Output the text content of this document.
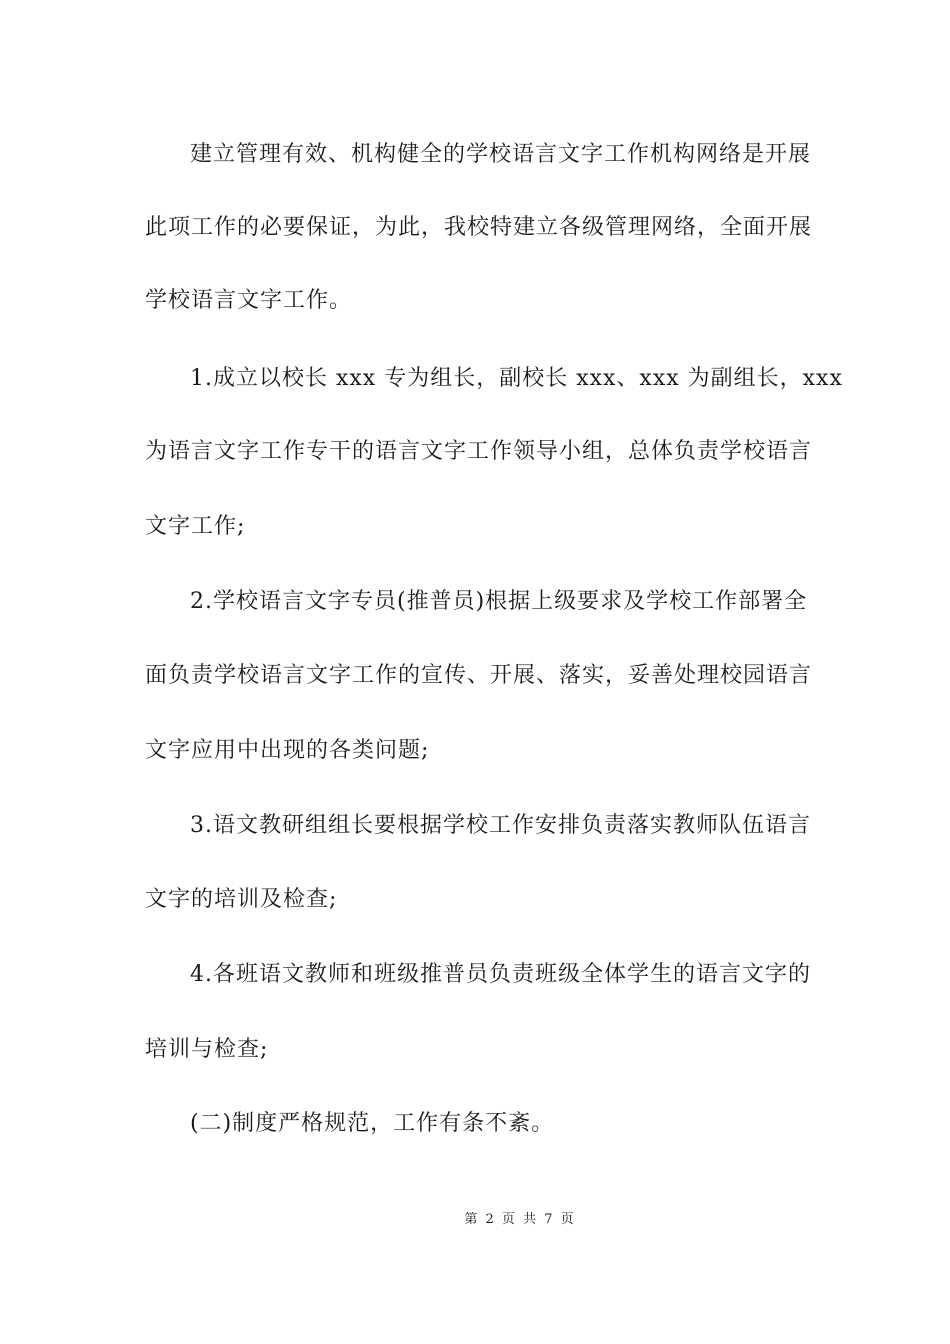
建立管理有效、机构健全的学校语言文字工作机构网络是开展
此项工作的必要保证，为此，我校特建立各级管理网络，全面开展
学校语言文字工作。
1.成立以校长 xxx 专为组长，副校长 xxx、xxx 为副组长，xxx
为语言文字工作专干的语言文字工作领导小组，总体负责学校语言
文字工作;
2.学校语言文字专员(推普员)根据上级要求及学校工作部署全
面负责学校语言文字工作的宣传、开展、落实，妥善处理校园语言
文字应用中出现的各类问题;
3.语文教研组组长要根据学校工作安排负责落实教师队伍语言
文字的培训及检查;
4.各班语文教师和班级推普员负责班级全体学生的语言文字的
培训与检查;
(二)制度严格规范，工作有条不紊。
第 2 页 共 7 页
